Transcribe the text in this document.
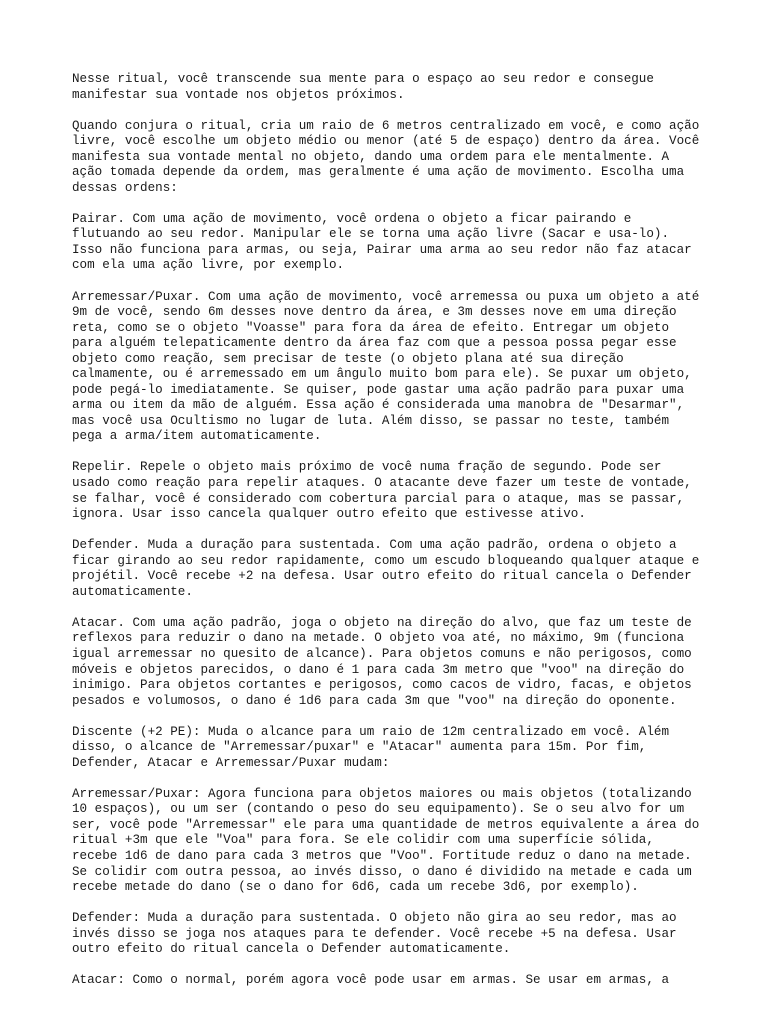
Nesse ritual, você transcende sua mente para o espaço ao seu redor e consegue
manifestar sua vontade nos objetos próximos.

Quando conjura o ritual, cria um raio de 6 metros centralizado em você, e como ação
livre, você escolhe um objeto médio ou menor (até 5 de espaço) dentro da área. Você
manifesta sua vontade mental no objeto, dando uma ordem para ele mentalmente. A
ação tomada depende da ordem, mas geralmente é uma ação de movimento. Escolha uma
dessas ordens:

Pairar. Com uma ação de movimento, você ordena o objeto a ficar pairando e
flutuando ao seu redor. Manipular ele se torna uma ação livre (Sacar e usa-lo).
Isso não funciona para armas, ou seja, Pairar uma arma ao seu redor não faz atacar
com ela uma ação livre, por exemplo.

Arremessar/Puxar. Com uma ação de movimento, você arremessa ou puxa um objeto a até
9m de você, sendo 6m desses nove dentro da área, e 3m desses nove em uma direção
reta, como se o objeto "Voasse" para fora da área de efeito. Entregar um objeto
para alguém telepaticamente dentro da área faz com que a pessoa possa pegar esse
objeto como reação, sem precisar de teste (o objeto plana até sua direção
calmamente, ou é arremessado em um ângulo muito bom para ele). Se puxar um objeto,
pode pegá-lo imediatamente. Se quiser, pode gastar uma ação padrão para puxar uma
arma ou item da mão de alguém. Essa ação é considerada uma manobra de "Desarmar",
mas você usa Ocultismo no lugar de luta. Além disso, se passar no teste, também
pega a arma/item automaticamente.

Repelir. Repele o objeto mais próximo de você numa fração de segundo. Pode ser
usado como reação para repelir ataques. O atacante deve fazer um teste de vontade,
se falhar, você é considerado com cobertura parcial para o ataque, mas se passar,
ignora. Usar isso cancela qualquer outro efeito que estivesse ativo.

Defender. Muda a duração para sustentada. Com uma ação padrão, ordena o objeto a
ficar girando ao seu redor rapidamente, como um escudo bloqueando qualquer ataque e
projétil. Você recebe +2 na defesa. Usar outro efeito do ritual cancela o Defender
automaticamente.

Atacar. Com uma ação padrão, joga o objeto na direção do alvo, que faz um teste de
reflexos para reduzir o dano na metade. O objeto voa até, no máximo, 9m (funciona
igual arremessar no quesito de alcance). Para objetos comuns e não perigosos, como
móveis e objetos parecidos, o dano é 1 para cada 3m metro que "voo" na direção do
inimigo. Para objetos cortantes e perigosos, como cacos de vidro, facas, e objetos
pesados e volumosos, o dano é 1d6 para cada 3m que "voo" na direção do oponente.

Discente (+2 PE): Muda o alcance para um raio de 12m centralizado em você. Além
disso, o alcance de "Arremessar/puxar" e "Atacar" aumenta para 15m. Por fim,
Defender, Atacar e Arremessar/Puxar mudam:

Arremessar/Puxar: Agora funciona para objetos maiores ou mais objetos (totalizando
10 espaços), ou um ser (contando o peso do seu equipamento). Se o seu alvo for um
ser, você pode "Arremessar" ele para uma quantidade de metros equivalente a área do
ritual +3m que ele "Voa" para fora. Se ele colidir com uma superfície sólida,
recebe 1d6 de dano para cada 3 metros que "Voo". Fortitude reduz o dano na metade.
Se colidir com outra pessoa, ao invés disso, o dano é dividido na metade e cada um
recebe metade do dano (se o dano for 6d6, cada um recebe 3d6, por exemplo).

Defender: Muda a duração para sustentada. O objeto não gira ao seu redor, mas ao
invés disso se joga nos ataques para te defender. Você recebe +5 na defesa. Usar
outro efeito do ritual cancela o Defender automaticamente.

Atacar: Como o normal, porém agora você pode usar em armas. Se usar em armas, a
